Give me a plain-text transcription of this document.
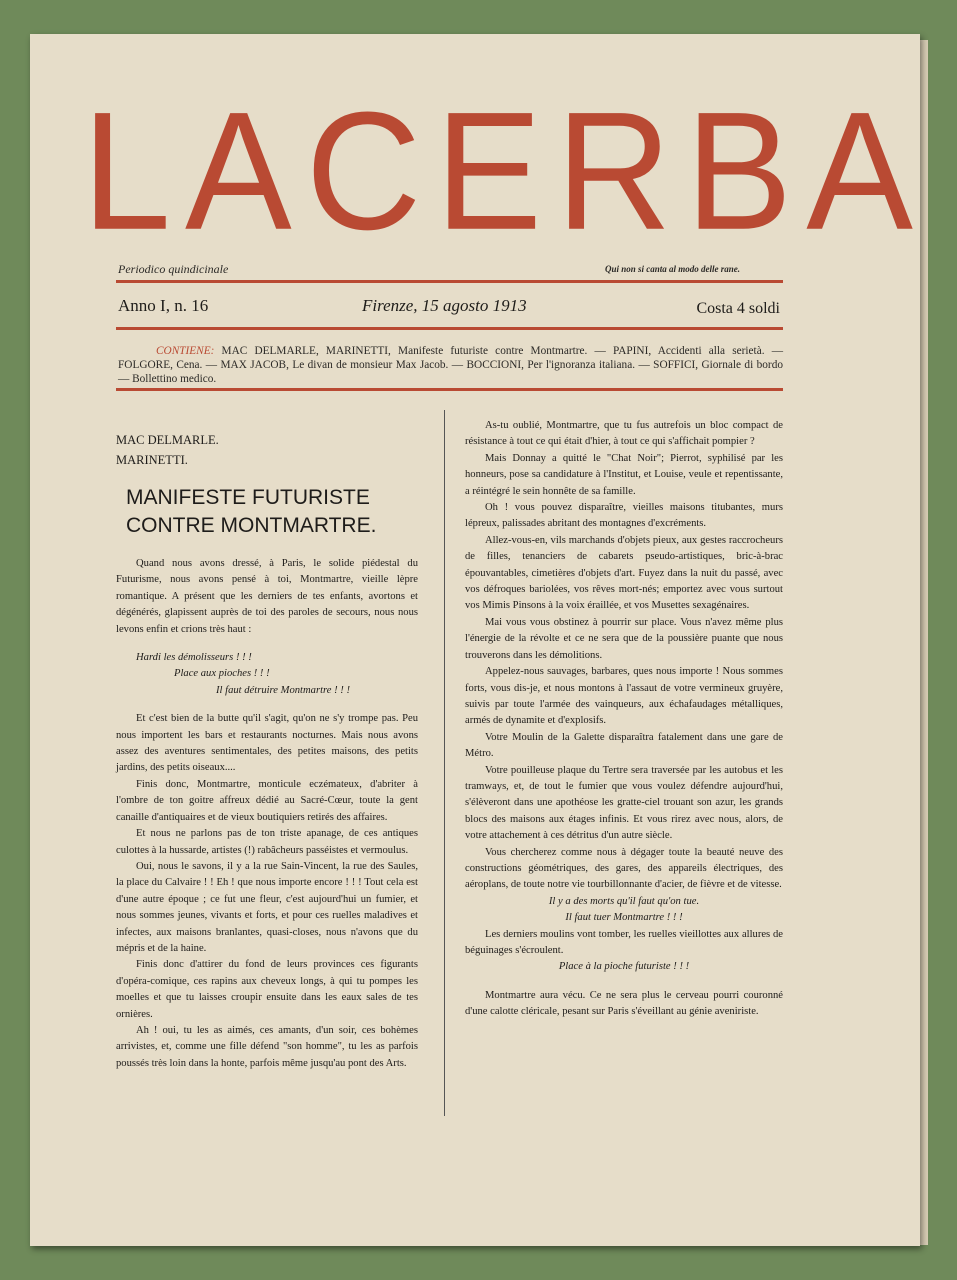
LACERBA
Periodico quindicinale	Qui non si canta al modo delle rane.
Anno I, n. 16	Firenze, 15 agosto 1913	Costa 4 soldi
CONTIENE: MAC DELMARLE, MARINETTI, Manifeste futuriste contre Montmartre. — PAPINI, Accidenti alla serietà. — FOLGORE, Cena. — MAX JACOB, Le divan de monsieur Max Jacob. — BOCCIONI, Per l'ignoranza italiana. — SOFFICI, Giornale di bordo — Bollettino medico.
MAC DELMARLE.
MARINETTI.
MANIFESTE FUTURISTE
CONTRE MONTMARTRE.

Quand nous avons dressé, à Paris, le solide piédestal du Futurisme, nous avons pensé à toi, Montmartre, vieille lèpre romantique. A présent que les derniers de tes enfants, avortons et dégénérés, glapissent auprès de toi des paroles de secours, nous nous levons enfin et crions très haut :

Hardi les démolisseurs ! ! !
Place aux pioches ! ! !
Il faut détruire Montmartre ! ! !

Et c'est bien de la butte qu'il s'agit, qu'on ne s'y trompe pas. Peu nous importent les bars et restaurants nocturnes. Mais nous avons assez des aventures sentimentales, des petites maisons, des petits jardins, des petits oiseaux....

Finis donc, Montmartre, monticule eczémateux, d'abriter à l'ombre de ton goitre affreux dédié au Sacré-Cœur, toute la gent canaille d'antiquaires et de vieux boutiquiers retirés des affaires.

Et nous ne parlons pas de ton triste apanage, de ces antiques culottes à la hussarde, artistes (!) rabâcheurs passéistes et vermoulus.

Oui, nous le savons, il y a la rue Sain-Vincent, la rue des Saules, la place du Calvaire ! ! Eh ! que nous importe encore ! ! ! Tout cela est d'une autre époque ; ce fut une fleur, c'est aujourd'hui un fumier, et nous sommes jeunes, vivants et forts, et pour ces ruelles maladives et infectes, aux maisons branlantes, quasi-closes, nous n'avons que du mépris et de la haine.

Finis donc d'attirer du fond de leurs provinces ces figurants d'opéra-comique, ces rapins aux cheveux longs, à qui tu pompes les moelles et que tu laisses croupir ensuite dans les eaux sales de tes ornières.

Ah ! oui, tu les as aimés, ces amants, d'un soir, ces bohèmes arrivistes, et, comme une fille défend "son homme", tu les as parfois poussés très loin dans la honte, parfois même jusqu'au pont des Arts.

As-tu oublié, Montmartre, que tu fus autrefois un bloc compact de résistance à tout ce qui était d'hier, à tout ce qui s'affichait pompier ?

Mais Donnay a quitté le "Chat Noir"; Pierrot, syphilisé par les honneurs, pose sa candidature à l'Institut, et Louise, veule et repentissante, a réintégré le sein honnête de sa famille.

Oh ! vous pouvez disparaître, vieilles maisons titubantes, murs lépreux, palissades abritant des montagnes d'excréments.

Allez-vous-en, vils marchands d'objets pieux, aux gestes raccrocheurs de filles, tenanciers de cabarets pseudo-artistiques, bric-à-brac épouvantables, cimetières d'objets d'art. Fuyez dans la nuit du passé, avec vos défroques bariolées, vos rêves mort-nés; emportez avec vous surtout vos Mimis Pinsons à la voix éraillée, et vos Musettes sexagénaires.

Mai vous vous obstinez à pourrir sur place. Vous n'avez même plus l'énergie de la révolte et ce ne sera que de la poussière puante que nous trouverons dans les démolitions.

Appelez-nous sauvages, barbares, ques nous importe ! Nous sommes forts, vous dis-je, et nous montons à l'assaut de votre vermineux gruyère, suivis par toute l'armée des vainqueurs, aux échafaudages métalliques, armés de dynamite et d'explosifs.

Votre Moulin de la Galette disparaîtra fatalement dans une gare de Métro.

Votre pouilleuse plaque du Tertre sera traversée par les autobus et les tramways, et, de tout le fumier que vous voulez défendre aujourd'hui, s'élèveront dans une apothéose les gratte-ciel trouant son azur, les grands blocs des maisons aux étages infinis. Et vous rirez avec nous, alors, de votre attachement à ces détritus d'un autre siècle.

Vous chercherez comme nous à dégager toute la beauté neuve des constructions géométriques, des gares, des appareils électriques, des aéroplans, de toute notre vie tourbillonnante d'acier, de fièvre et de vitesse.

Il y a des morts qu'il faut qu'on tue.

Il faut tuer Montmartre ! ! !

Les derniers moulins vont tomber, les ruelles vieillottes aux allures de béguinages s'écroulent.

Place à la pioche futuriste ! ! !

Montmartre aura vécu. Ce ne sera plus le cerveau pourri couronné d'une calotte cléricale, pesant sur Paris s'éveillant au génie aveniriste.
